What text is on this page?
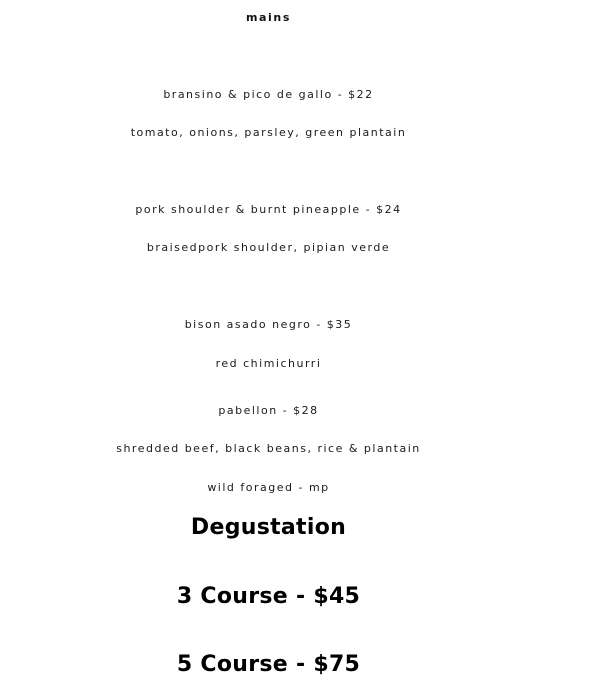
mains
bransino & pico de gallo - $22
tomato, onions, parsley, green plantain
pork shoulder & burnt pineapple - $24
braisedpork shoulder, pipian verde
bison asado negro - $35
red chimichurri
pabellon - $28
shredded beef, black beans, rice & plantain
wild foraged - mp
Degustation
3 Course - $45
5 Course - $75
